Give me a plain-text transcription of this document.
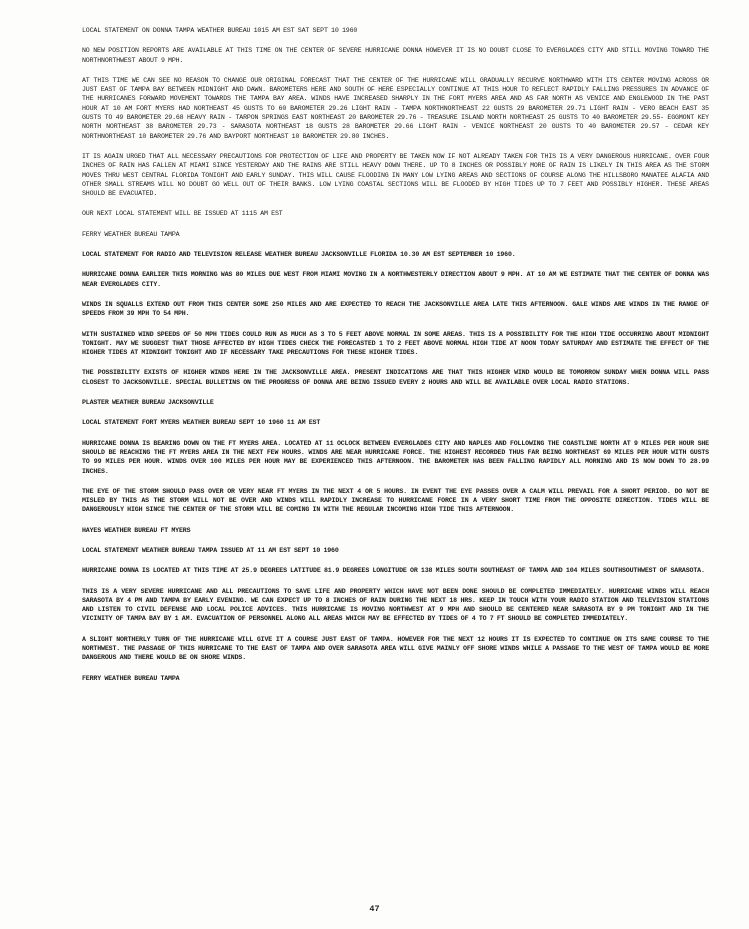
LOCAL STATEMENT ON DONNA TAMPA WEATHER BUREAU 1015 AM EST SAT SEPT 10 1960
NO NEW POSITION REPORTS ARE AVAILABLE AT THIS TIME ON THE CENTER OF SEVERE HURRICANE DONNA HOWEVER IT IS NO DOUBT CLOSE TO EVERGLADES CITY AND STILL MOVING TOWARD THE NORTHNORTHWEST ABOUT 9 MPH.
AT THIS TIME WE CAN SEE NO REASON TO CHANGE OUR ORIGINAL FORECAST THAT THE CENTER OF THE HURRICANE WILL GRADUALLY RECURVE NORTHWARD WITH ITS CENTER MOVING ACROSS OR JUST EAST OF TAMPA BAY BETWEEN MIDNIGHT AND DAWN. BAROMETERS HERE AND SOUTH OF HERE ESPECIALLY CONTINUE AT THIS HOUR TO REFLECT RAPIDLY FALLING PRESSURES IN ADVANCE OF THE HURRICANES FORWARD MOVEMENT TOWARDS THE TAMPA BAY AREA. WINDS HAVE INCREASED SHARPLY IN THE FORT MYERS AREA AND AS FAR NORTH AS VENICE AND ENGLEWOOD IN THE PAST HOUR AT 10 AM FORT MYERS HAD NORTHEAST 45 GUSTS TO 60 BAROMETER 29.26 LIGHT RAIN - TAMPA NORTHNORTHEAST 22 GUSTS 29 BAROMETER 29.71 LIGHT RAIN - VERO BEACH EAST 35 GUSTS TO 49 BAROMETER 29.68 HEAVY RAIN - TARPON SPRINGS EAST NORTHEAST 20 BAROMETER 29.76 - TREASURE ISLAND NORTH NORTHEAST 25 GUSTS TO 40 BAROMETER 29.55- EGGMONT KEY NORTH NORTHEAST 38 BAROMETER 29.73 - SARASOTA NORTHEAST 18 GUSTS 28 BAROMETER 29.66 LIGHT RAIN - VENICE NORTHEAST 20 GUSTS TO 40 BAROMETER 29.57 - CEDAR KEY NORTHNORTHEAST 10 BAROMETER 29.76 AND BAYPORT NORTHEAST 10 BAROMETER 29.80 INCHES.
IT IS AGAIN URGED THAT ALL NECESSARY PRECAUTIONS FOR PROTECTION OF LIFE AND PROPERTY BE TAKEN NOW IF NOT ALREADY TAKEN FOR THIS IS A VERY DANGEROUS HURRICANE. OVER FOUR INCHES OF RAIN HAS FALLEN AT MIAMI SINCE YESTERDAY AND THE RAINS ARE STILL HEAVY DOWN THERE. UP TO 8 INCHES OR POSSIBLY MORE OF RAIN IS LIKELY IN THIS AREA AS THE STORM MOVES THRU WEST CENTRAL FLORIDA TONIGHT AND EARLY SUNDAY. THIS WILL CAUSE FLOODING IN MANY LOW LYING AREAS AND SECTIONS OF COURSE ALONG THE HILLSBORO MANATEE ALAFIA AND OTHER SMALL STREAMS WILL NO DOUBT GO WELL OUT OF THEIR BANKS. LOW LYING COASTAL SECTIONS WILL BE FLOODED BY HIGH TIDES UP TO 7 FEET AND POSSIBLY HIGHER. THESE AREAS SHOULD BE EVACUATED.
OUR NEXT LOCAL STATEMENT WILL BE ISSUED AT 1115 AM EST
FERRY WEATHER BUREAU TAMPA
LOCAL STATEMENT FOR RADIO AND TELEVISION RELEASE WEATHER BUREAU JACKSONVILLE FLORIDA 10.30 AM EST SEPTEMBER 10 1960.
HURRICANE DONNA EARLIER THIS MORNING WAS 80 MILES DUE WEST FROM MIAMI MOVING IN A NORTHWESTERLY DIRECTION ABOUT 9 MPH. AT 10 AM WE ESTIMATE THAT THE CENTER OF DONNA WAS NEAR EVERGLADES CITY.
WINDS IN SQUALLS EXTEND OUT FROM THIS CENTER SOME 250 MILES AND ARE EXPECTED TO REACH THE JACKSONVILLE AREA LATE THIS AFTERNOON. GALE WINDS ARE WINDS IN THE RANGE OF SPEEDS FROM 39 MPH TO 54 MPH.
WITH SUSTAINED WIND SPEEDS OF 50 MPH TIDES COULD RUN AS MUCH AS 3 TO 5 FEET ABOVE NORMAL IN SOME AREAS. THIS IS A POSSIBILITY FOR THE HIGH TIDE OCCURRING ABOUT MIDNIGHT TONIGHT. MAY WE SUGGEST THAT THOSE AFFECTED BY HIGH TIDES CHECK THE FORECASTED 1 TO 2 FEET ABOVE NORMAL HIGH TIDE AT NOON TODAY SATURDAY AND ESTIMATE THE EFFECT OF THE HIGHER TIDES AT MIDNIGHT TONIGHT AND IF NECESSARY TAKE PRECAUTIONS FOR THESE HIGHER TIDES.
THE POSSIBILITY EXISTS OF HIGHER WINDS HERE IN THE JACKSONVILLE AREA. PRESENT INDICATIONS ARE THAT THIS HIGHER WIND WOULD BE TOMORROW SUNDAY WHEN DONNA WILL PASS CLOSEST TO JACKSONVILLE. SPECIAL BULLETINS ON THE PROGRESS OF DONNA ARE BEING ISSUED EVERY 2 HOURS AND WILL BE AVAILABLE OVER LOCAL RADIO STATIONS.
PLASTER WEATHER BUREAU JACKSONVILLE
LOCAL STATEMENT FORT MYERS WEATHER BUREAU SEPT 10 1960 11 AM EST
HURRICANE DONNA IS BEARING DOWN ON THE FT MYERS AREA. LOCATED AT 11 OCLOCK BETWEEN EVERGLADES CITY AND NAPLES AND FOLLOWING THE COASTLINE NORTH AT 9 MILES PER HOUR SHE SHOULD BE REACHING THE FT MYERS AREA IN THE NEXT FEW HOURS. WINDS ARE NEAR HURRICANE FORCE. THE HIGHEST RECORDED THUS FAR BEING NORTHEAST 69 MILES PER HOUR WITH GUSTS TO 99 MILES PER HOUR. WINDS OVER 100 MILES PER HOUR MAY BE EXPERIENCED THIS AFTERNOON. THE BAROMETER HAS BEEN FALLING RAPIDLY ALL MORNING AND IS NOW DOWN TO 28.99 INCHES.
THE EYE OF THE STORM SHOULD PASS OVER OR VERY NEAR FT MYERS IN THE NEXT 4 OR 5 HOURS. IN EVENT THE EYE PASSES OVER A CALM WILL PREVAIL FOR A SHORT PERIOD. DO NOT BE MISLED BY THIS AS THE STORM WILL NOT BE OVER AND WINDS WILL RAPIDLY INCREASE TO HURRICANE FORCE IN A VERY SHORT TIME FROM THE OPPOSITE DIRECTION. TIDES WILL BE DANGEROUSLY HIGH SINCE THE CENTER OF THE STORM WILL BE COMING IN WITH THE REGULAR INCOMING HIGH TIDE THIS AFTERNOON.
HAYES WEATHER BUREAU FT MYERS
LOCAL STATEMENT WEATHER BUREAU TAMPA ISSUED AT 11 AM EST SEPT 10 1960
HURRICANE DONNA IS LOCATED AT THIS TIME AT 25.9 DEGREES LATITUDE 81.9 DEGREES LONGITUDE OR 138 MILES SOUTH SOUTHEAST OF TAMPA AND 104 MILES SOUTHSOUTHWEST OF SARASOTA.
THIS IS A VERY SEVERE HURRICANE AND ALL PRECAUTIONS TO SAVE LIFE AND PROPERTY WHICH HAVE NOT BEEN DONE SHOULD BE COMPLETED IMMEDIATELY. HURRICANE WINDS WILL REACH SARASOTA BY 4 PM AND TAMPA BY EARLY EVENING. WE CAN EXPECT UP TO 8 INCHES OF RAIN DURING THE NEXT 18 HRS. KEEP IN TOUCH WITH YOUR RADIO STATION AND TELEVISION STATIONS AND LISTEN TO CIVIL DEFENSE AND LOCAL POLICE ADVICES. THIS HURRICANE IS MOVING NORTHWEST AT 9 MPH AND SHOULD BE CENTERED NEAR SARASOTA BY 9 PM TONIGHT AND IN THE VICINITY OF TAMPA BAY BY 1 AM. EVACUATION OF PERSONNEL ALONG ALL AREAS WHICH MAY BE EFFECTED BY TIDES OF 4 TO 7 FT SHOULD BE COMPLETED IMMEDIATELY.
A SLIGHT NORTHERLY TURN OF THE HURRICANE WILL GIVE IT A COURSE JUST EAST OF TAMPA. HOWEVER FOR THE NEXT 12 HOURS IT IS EXPECTED TO CONTINUE ON ITS SAME COURSE TO THE NORTHWEST. THE PASSAGE OF THIS HURRICANE TO THE EAST OF TAMPA AND OVER SARASOTA AREA WILL GIVE MAINLY OFF SHORE WINDS WHILE A PASSAGE TO THE WEST OF TAMPA WOULD BE MORE DANGEROUS AND THERE WOULD BE ON SHORE WINDS.
FERRY WEATHER BUREAU TAMPA
47
